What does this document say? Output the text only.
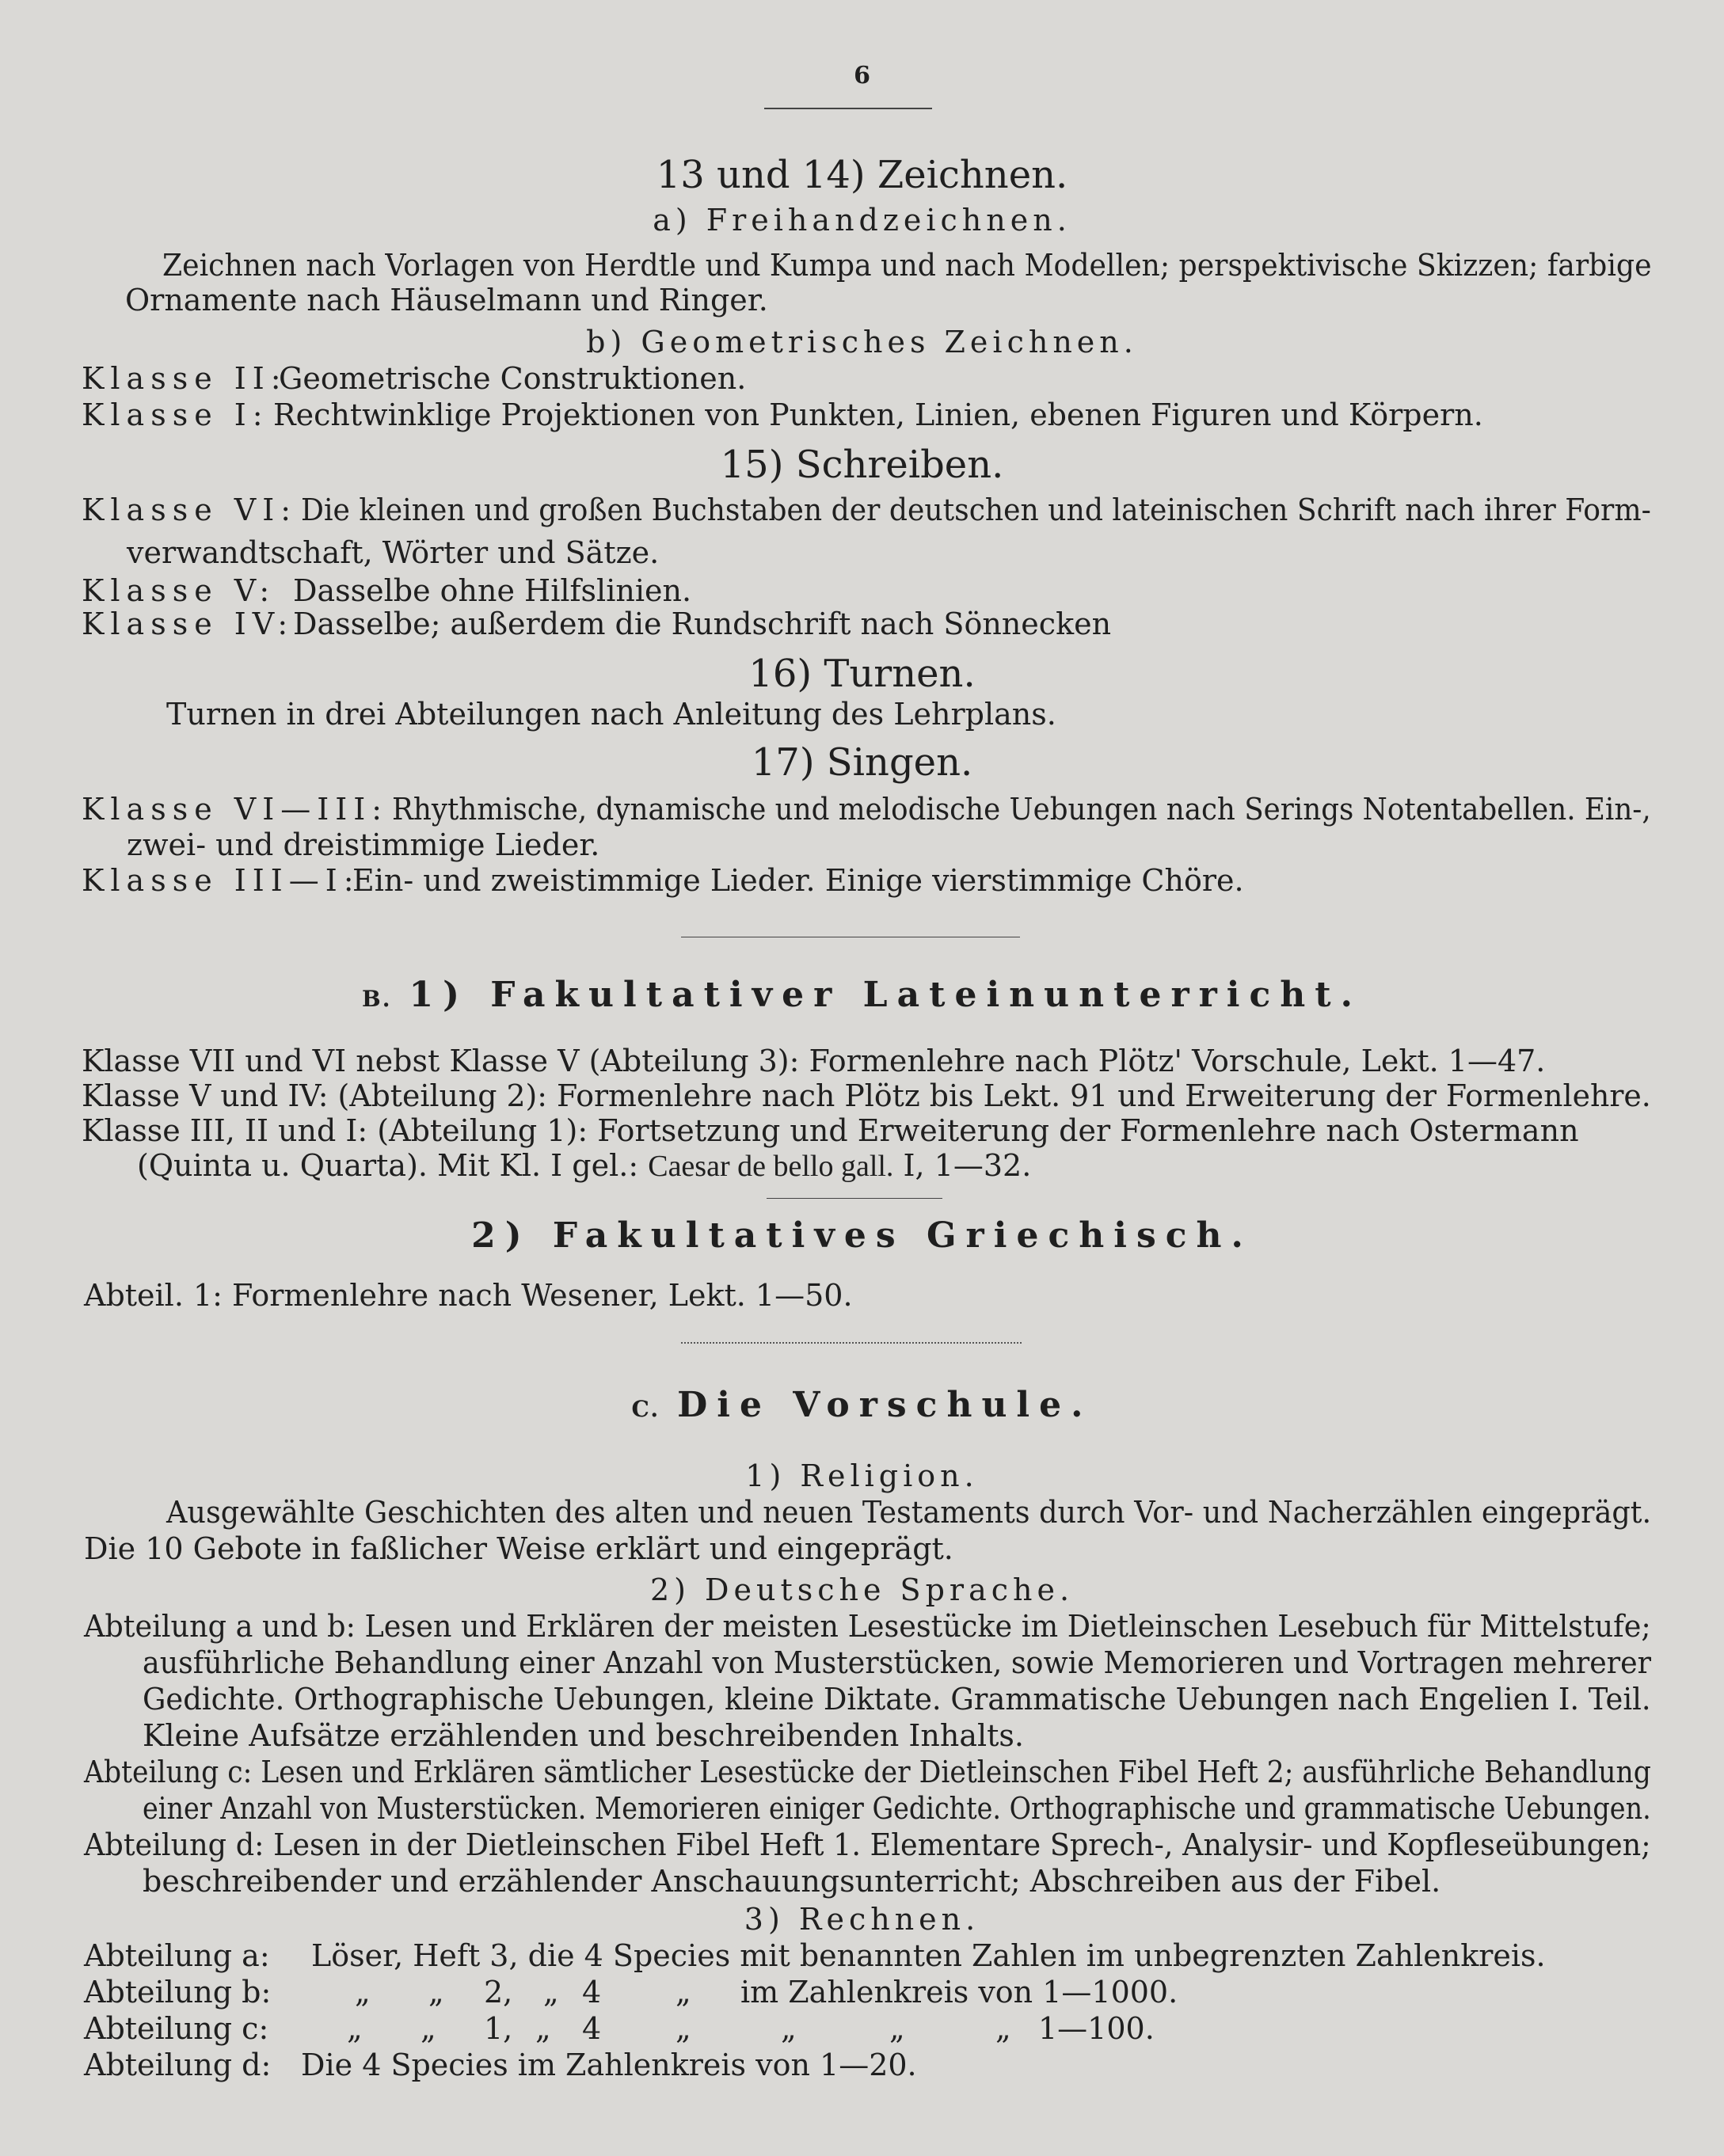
6
13 und 14) Zeichnen.
a) Freihandzeichnen.
Zeichnen nach Vorlagen von Herdtle und Kumpa und nach Modellen; perspektivische Skizzen; farbige
Ornamente nach Häuselmann und Ringer.
b) Geometrisches Zeichnen.
Klasse II:
Geometrische Construktionen.
Klasse I: Rechtwinklige Projektionen von Punkten, Linien, ebenen Figuren und Körpern.
15) Schreiben.
Klasse VI: Die kleinen und großen Buchstaben der deutschen und lateinischen Schrift nach ihrer Form-
verwandtschaft, Wörter und Sätze.
Klasse V: Dasselbe ohne Hilfslinien.
Klasse IV:
Dasselbe; außerdem die Rundschrift nach Sönnecken
16) Turnen.
Turnen in drei Abteilungen nach Anleitung des Lehrplans.
17) Singen.
Klasse VI—III: Rhythmische, dynamische und melodische Uebungen nach Serings Notentabellen. Ein-,
zwei- und dreistimmige Lieder.
Klasse III—I:
Ein- und zweistimmige Lieder. Einige vierstimmige Chöre.
B. 1) Fakultativer Lateinunterricht.
Klasse VII und VI nebst Klasse V (Abteilung 3): Formenlehre nach Plötz' Vorschule, Lekt. 1—47.
Klasse V und IV: (Abteilung 2): Formenlehre nach Plötz bis Lekt. 91 und Erweiterung der Formenlehre.
Klasse III, II und I: (Abteilung 1): Fortsetzung und Erweiterung der Formenlehre nach Ostermann
(Quinta u. Quarta). Mit Kl. I gel.: Caesar de bello gall. I, 1—32.
2) Fakultatives Griechisch.
Abteil. 1: Formenlehre nach Wesener, Lekt. 1—50.
C. Die Vorschule.
1) Religion.
Ausgewählte Geschichten des alten und neuen Testaments durch Vor- und Nacherzählen eingeprägt.
Die 10 Gebote in faßlicher Weise erklärt und eingeprägt.
2) Deutsche Sprache.
Abteilung a und b: Lesen und Erklären der meisten Lesestücke im Dietleinschen Lesebuch für Mittelstufe;
ausführliche Behandlung einer Anzahl von Musterstücken, sowie Memorieren und Vortragen mehrerer
Gedichte. Orthographische Uebungen, kleine Diktate. Grammatische Uebungen nach Engelien I. Teil.
Kleine Aufsätze erzählenden und beschreibenden Inhalts.
Abteilung c: Lesen und Erklären sämtlicher Lesestücke der Dietleinschen Fibel Heft 2; ausführliche Behandlung
einer Anzahl von Musterstücken. Memorieren einiger Gedichte. Orthographische und grammatische Uebungen.
Abteilung d: Lesen in der Dietleinschen Fibel Heft 1. Elementare Sprech-, Analysir- und Kopfleseübungen;
beschreibender und erzählender Anschauungsunterricht; Abschreiben aus der Fibel.
3) Rechnen.
Abteilung a: Löser, Heft 3, die 4 Species mit benannten Zahlen im unbegrenzten Zahlenkreis.
Abteilung b:	„ „ 2, „ 4 „ im Zahlenkreis von 1—1000.
Abteilung c:	„ „ 1, „ 4 „	„	„	„ 1—100.
Abteilung d: Die 4 Species im Zahlenkreis von 1—20.
